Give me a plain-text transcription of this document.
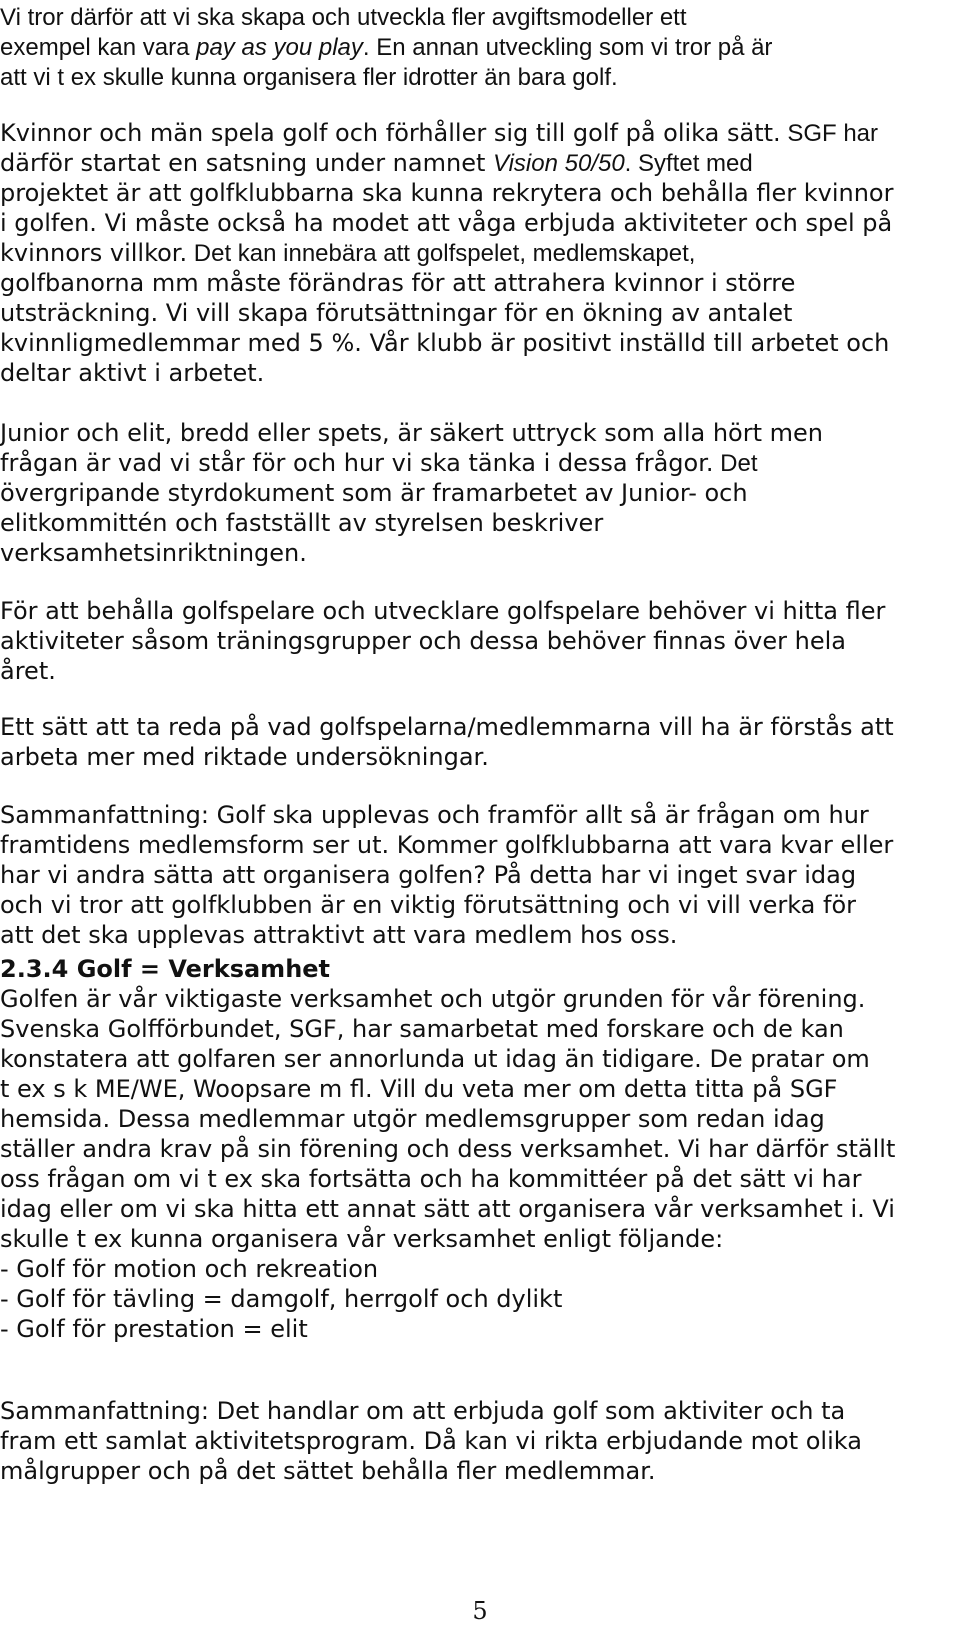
Vi tror därför att vi ska skapa och utveckla fler avgiftsmodeller ett
exempel kan vara pay as you play. En annan utveckling som vi tror på är
att vi t ex skulle kunna organisera fler idrotter än bara golf.
Kvinnor och män spela golf och förhåller sig till golf på olika sätt. SGF har
därför startat en satsning under namnet Vision 50/50. Syftet med
projektet är att golfklubbarna ska kunna rekrytera och behålla fler kvinnor
i golfen. Vi måste också ha modet att våga erbjuda aktiviteter och spel på
kvinnors villkor. Det kan innebära att golfspelet, medlemskapet,
golfbanorna mm måste förändras för att attrahera kvinnor i större
utsträckning. Vi vill skapa förutsättningar för en ökning av antalet
kvinnligmedlemmar med 5 %. Vår klubb är positivt inställd till arbetet och
deltar aktivt i arbetet.
Junior och elit, bredd eller spets, är säkert uttryck som alla hört men
frågan är vad vi står för och hur vi ska tänka i dessa frågor. Det
övergripande styrdokument som är framarbetet av Junior- och
elitkommittén och fastställt av styrelsen beskriver
verksamhetsinriktningen.
För att behålla golfspelare och utvecklare golfspelare behöver vi hitta fler
aktiviteter såsom träningsgrupper och dessa behöver finnas över hela
året.
Ett sätt att ta reda på vad golfspelarna/medlemmarna vill ha är förstås att
arbeta mer med riktade undersökningar.
Sammanfattning: Golf ska upplevas och framför allt så är frågan om hur
framtidens medlemsform ser ut. Kommer golfklubbarna att vara kvar eller
har vi andra sätta att organisera golfen? På detta har vi inget svar idag
och vi tror att golfklubben är en viktig förutsättning och vi vill verka för
att det ska upplevas attraktivt att vara medlem hos oss.
2.3.4 Golf = Verksamhet
Golfen är vår viktigaste verksamhet och utgör grunden för vår förening.
Svenska Golfförbundet, SGF, har samarbetat med forskare och de kan
konstatera att golfaren ser annorlunda ut idag än tidigare. De pratar om
t ex s k ME/WE, Woopsare m fl. Vill du veta mer om detta titta på SGF
hemsida. Dessa medlemmar utgör medlemsgrupper som redan idag
ställer andra krav på sin förening och dess verksamhet. Vi har därför ställt
oss frågan om vi t ex ska fortsätta och ha kommittéer på det sätt vi har
idag eller om vi ska hitta ett annat sätt att organisera vår verksamhet i. Vi
skulle t ex kunna organisera vår verksamhet enligt följande:
- Golf för motion och rekreation
- Golf för tävling = damgolf, herrgolf och dylikt
- Golf för prestation = elit
Sammanfattning: Det handlar om att erbjuda golf som aktiviter och ta
fram ett samlat aktivitetsprogram. Då kan vi rikta erbjudande mot olika
målgrupper och på det sättet behålla fler medlemmar.
5
